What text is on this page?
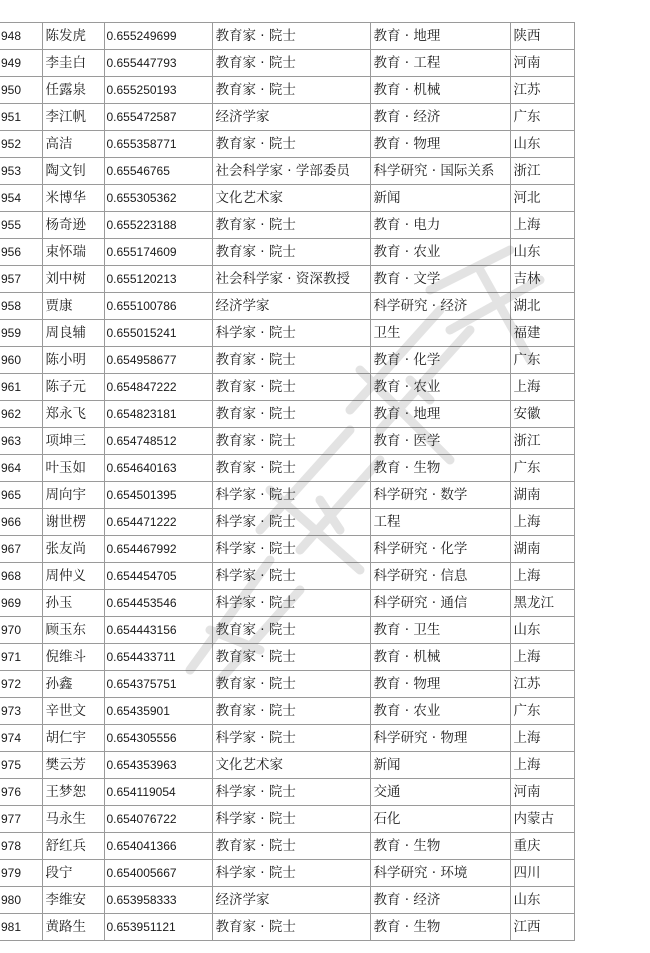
948	陈发虎	0.655249699	教育家 · 院士	教育 · 地理	陕西
949	李圭白	0.655447793	教育家 · 院士	教育 · 工程	河南
950	任露泉	0.655250193	教育家 · 院士	教育 · 机械	江苏
951	李江帆	0.655472587	经济学家	教育 · 经济	广东
952	高洁	0.655358771	教育家 · 院士	教育 · 物理	山东
953	陶文钊	0.65546765	社会科学家 · 学部委员	科学研究 · 国际关系	浙江
954	米博华	0.655305362	文化艺术家	新闻	河北
955	杨奇逊	0.655223188	教育家 · 院士	教育 · 电力	上海
956	束怀瑞	0.655174609	教育家 · 院士	教育 · 农业	山东
957	刘中树	0.655120213	社会科学家 · 资深教授	教育 · 文学	吉林
958	贾康	0.655100786	经济学家	科学研究 · 经济	湖北
959	周良辅	0.655015241	科学家 · 院士	卫生	福建
960	陈小明	0.654958677	教育家 · 院士	教育 · 化学	广东
961	陈子元	0.654847222	教育家 · 院士	教育 · 农业	上海
962	郑永飞	0.654823181	教育家 · 院士	教育 · 地理	安徽
963	项坤三	0.654748512	教育家 · 院士	教育 · 医学	浙江
964	叶玉如	0.654640163	教育家 · 院士	教育 · 生物	广东
965	周向宇	0.654501395	科学家 · 院士	科学研究 · 数学	湖南
966	谢世楞	0.654471222	科学家 · 院士	工程	上海
967	张友尚	0.654467992	科学家 · 院士	科学研究 · 化学	湖南
968	周仲义	0.654454705	科学家 · 院士	科学研究 · 信息	上海
969	孙玉	0.654453546	科学家 · 院士	科学研究 · 通信	黑龙江
970	顾玉东	0.654443156	教育家 · 院士	教育 · 卫生	山东
971	倪维斗	0.654433711	教育家 · 院士	教育 · 机械	上海
972	孙鑫	0.654375751	教育家 · 院士	教育 · 物理	江苏
973	辛世文	0.65435901	教育家 · 院士	教育 · 农业	广东
974	胡仁宇	0.654305556	科学家 · 院士	科学研究 · 物理	上海
975	樊云芳	0.654353963	文化艺术家	新闻	上海
976	王梦恕	0.654119054	科学家 · 院士	交通	河南
977	马永生	0.654076722	科学家 · 院士	石化	内蒙古
978	舒红兵	0.654041366	教育家 · 院士	教育 · 生物	重庆
979	段宁	0.654005667	科学家 · 院士	科学研究 · 环境	四川
980	李维安	0.653958333	经济学家	教育 · 经济	山东
981	黄路生	0.653951121	教育家 · 院士	教育 · 生物	江西
